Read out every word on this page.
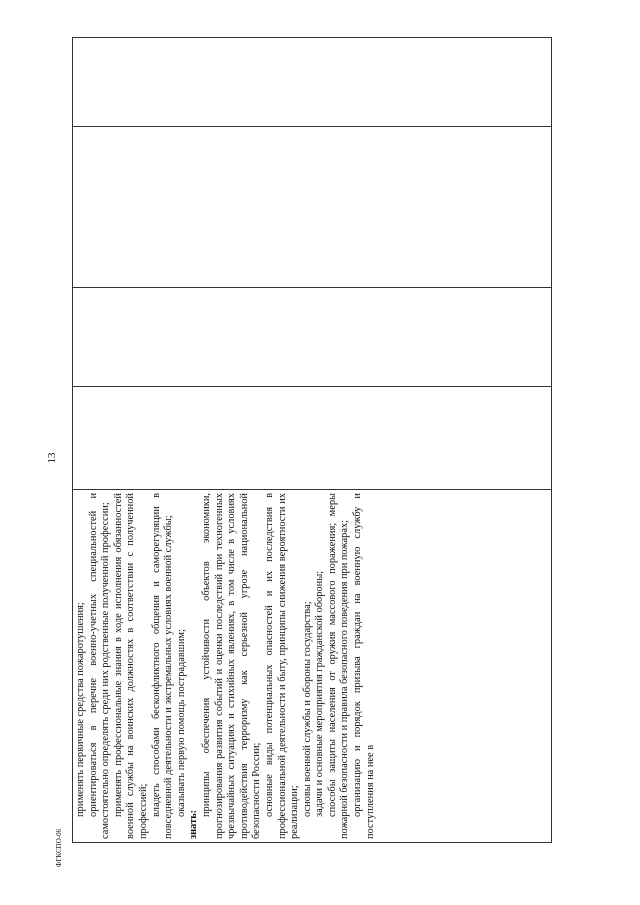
13
ФГКСПО-06

применять первичные средства пожаротушения; ориентироваться в перечне военно-учетных специальностей и самостоятельно определять среди них родственные полученной профессии; применять профессиональные знания в ходе исполнения обязанностей военной службы на воинских должностях в соответствии с полученной профессией; владеть способами бесконфликтного общения и саморегуляции в повседневной деятельности и экстремальных условиях военной службы; оказывать первую помощь пострадавшим;

знать:

принципы обеспечения устойчивости объектов экономики, прогнозирования развития событий и оценки последствий при техногенных чрезвычайных ситуациях и стихийных явлениях, в том числе в условиях противодействия терроризму как серьезной угрозе национальной безопасности России; основные виды потенциальных опасностей и их последствия в профессиональной деятельности и быту, принципы снижения вероятности их реализации; основы военной службы и обороны государства; задачи и основные мероприятия гражданской обороны; способы защиты населения от оружия массового поражения; меры пожарной безопасности и правила безопасного поведения при пожарах; организацию и порядок призыва граждан на военную службу и поступления на нее в
